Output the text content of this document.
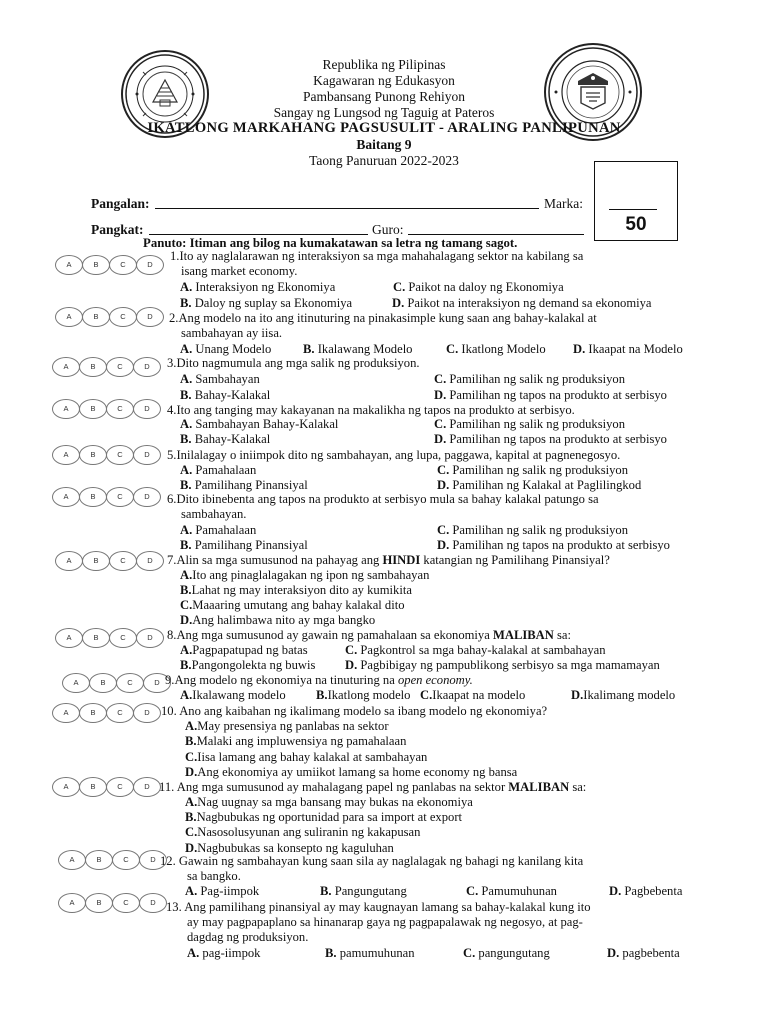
Republika ng Pilipinas
Kagawaran ng Edukasyon
Pambansang Punong Rehiyon
Sangay ng Lungsod ng Taguig at Pateros
IKATLONG MARKAHANG PAGSUSULIT - ARALING PANLIPUNAN
Baitang 9
Taong Panuruan 2022-2023
50
Pangalan:	Marka:
Pangkat:	Guro:
Panuto: Itiman ang bilog na kumakatawan sa letra ng tamang sagot.
A	B	C	D
1.Ito ay naglalarawan ng interaksiyon sa mga mahahalagang sektor na kabilang sa
isang market economy.
A. Interaksiyon ng Ekonomiya	C. Paikot na daloy ng Ekonomiya
B. Daloy ng suplay sa Ekonomiya	D. Paikot na interaksiyon ng demand sa ekonomiya
A	B	C	D	2.Ang modelo na ito ang itinuturing na pinakasimple kung saan ang bahay-kalakal at
sambahayan ay iisa.
A. Unang Modelo	B. Ikalawang Modelo	C. Ikatlong Modelo D. Ikaapat na Modelo
A	B	C	D	3.Dito nagmumula ang mga salik ng produksiyon.
A. Sambahayan	C. Pamilihan ng salik ng produksiyon
B. Bahay-Kalakal	D. Pamilihan ng tapos na produkto at serbisyo
A	B	C	D	4.Ito ang tanging may kakayanan na makalikha ng tapos na produkto at serbisyo.
A. Sambahayan Bahay-Kalakal	C. Pamilihan ng salik ng produksiyon
B. Bahay-Kalakal	D. Pamilihan ng tapos na produkto at serbisyo
A	B	C	D	5.Inilalagay o iniimpok dito ng sambahayan, ang lupa, paggawa, kapital at pagnenegosyo.
A. Pamahalaan	C. Pamilihan ng salik ng produksiyon
B. Pamilihang Pinansiyal	D. Pamilihan ng Kalakal at Paglilingkod
A	B	C	D	6.Dito ibinebenta ang tapos na produkto at serbisyo mula sa bahay kalakal patungo sa
sambahayan.
A. Pamahalaan	C. Pamilihan ng salik ng produksiyon
B. Pamilihang Pinansiyal	D. Pamilihan ng tapos na produkto at serbisyo
A	B	C	D	7.Alin sa mga sumusunod na pahayag ang HINDI katangian ng Pamilihang Pinansiyal?
A.Ito ang pinaglalagakan ng ipon ng sambahayan
B.Lahat ng may interaksiyon dito ay kumikita
C.Maaaring umutang ang bahay kalakal dito
D.Ang halimbawa nito ay mga bangko
A	B	C	D	8.Ang mga sumusunod ay gawain ng pamahalaan sa ekonomiya MALIBAN sa:
A.Pagpapatupad ng batas	C. Pagkontrol sa mga bahay-kalakal at sambahayan
B.Pangongolekta ng buwis D. Pagbibigay ng pampublikong serbisyo sa mga mamamayan
A	B	C	D 9.Ang modelo ng ekonomiya na tinuturing na open economy.
A.Ikalawang modelo B.Ikatlong modelo C.Ikaapat na modelo	D.Ikalimang modelo
A	B	C	D 10. Ano ang kaibahan ng ikalimang modelo sa ibang modelo ng ekonomiya?
A.May presensiya ng panlabas na sektor
B.Malaki ang impluwensiya ng pamahalaan
C.Iisa lamang ang bahay kalakal at sambahayan
D.Ang ekonomiya ay umiikot lamang sa home economy ng bansa
A	B	C	D 11. Ang mga sumusunod ay mahalagang papel ng panlabas na sektor MALIBAN sa:
A.Nag uugnay sa mga bansang may bukas na ekonomiya
B.Nagbubukas ng oportunidad para sa import at export
C.Nasosolusyunan ang suliranin ng kakapusan
D.Nagbubukas sa konsepto ng kaguluhan
A	B	C	D 12. Gawain ng sambahayan kung saan sila ay naglalagak ng bahagi ng kanilang kita
sa bangko.
A. Pag-iimpok	B. Pangungutang	C. Pamumuhunan	D. Pagbebenta
A	B	C	D 13. Ang pamilihang pinansiyal ay may kaugnayan lamang sa bahay-kalakal kung ito
ay may pagpapaplano sa hinanarap gaya ng pagpapalawak ng negosyo, at pag-
dagdag ng produksiyon.
A. pag-iimpok	B. pamumuhunan	C. pangungutang	D. pagbebenta
